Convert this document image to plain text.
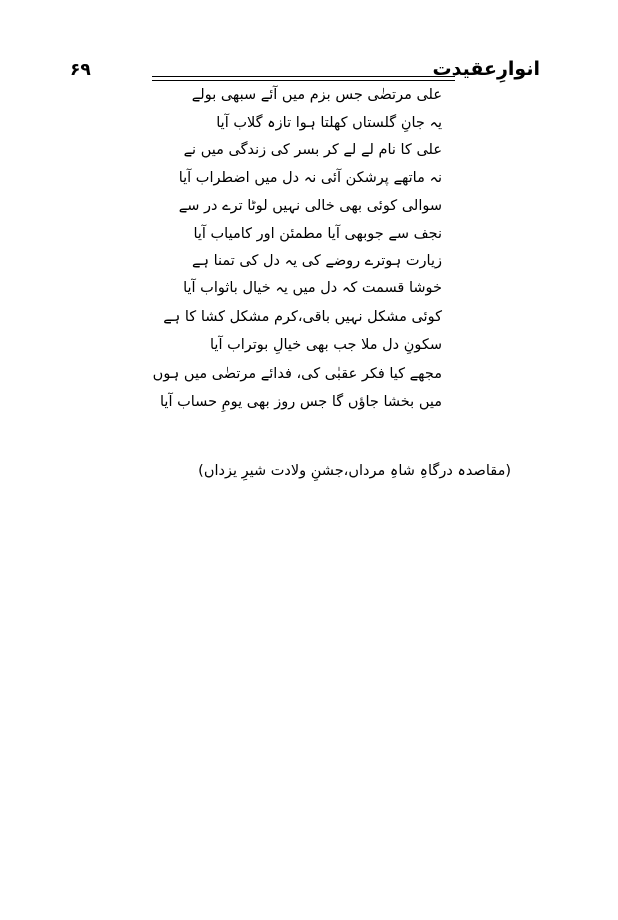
۶۹	انوارِعقیدت
علی مرتضٰی جس بزم میں آئے سبھی بولے
یہ جانِ گلستاں کھلتا ہوا تازہ گلاب آیا
علی کا نام لے لے کر بسر کی زندگی میں نے
نہ ماتھے پرشکن آئی نہ دل میں اضطراب آیا
سوالی کوئی بھی خالی نہیں لوٹا ترے در سے
نجف سے جوبھی آیا مطمئن اور کامیاب آیا
زیارت ہوترے روضے کی یہ دل کی تمنا ہے
خوشا قسمت کہ دل میں یہ خیال باثواب آیا
کوئی مشکل نہیں باقی،کرم مشکل کشا کا ہے
سکونِ دل ملا جب بھی خیالِ بوتراب آیا
مجھے کیا فکر عقبٰی کی، فدائے مرتضٰی میں ہوں
میں بخشا جاؤں گا جس روز بھی یومِ حساب آیا
(مقاصدہ درگاہِ شاہِ مرداں،جشنِ ولادت شیرِ یزداں)
